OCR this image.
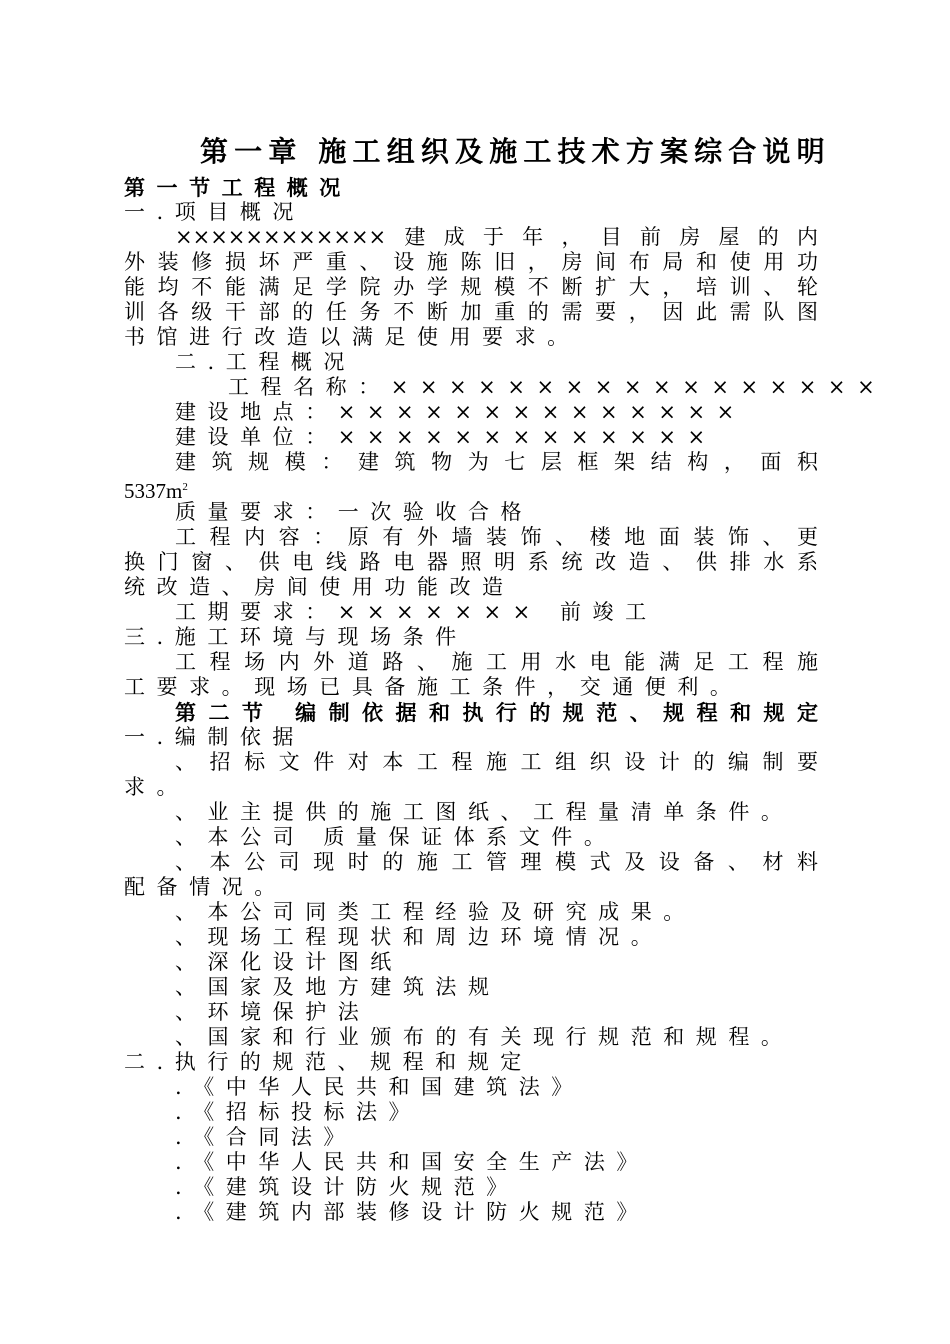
第一章 施工组织及施工技术方案综合说明
第一节工程概况
一.项目概况
××××××××××××建成于年，目前房屋的内
外装修损坏严重、设施陈旧，房间布局和使用功
能均不能满足学院办学规模不断扩大，培训、轮
训各级干部的任务不断加重的需要，因此需队图
书馆进行改造以满足使用要求。
二.工程概况
工程名称：×××××××××××××××××
建设地点：××××××××××××××
建设单位：×××××××××××××
建筑规模：建筑物为七层框架结构，面积
$5337m^2$
质量要求：一次验收合格
工程内容：原有外墙装饰、楼地面装饰、更
换门窗、供电线路电器照明系统改造、供排水系
统改造、房间使用功能改造
工期要求：××××××× 前竣工
三.施工环境与现场条件
工程场内外道路、施工用水电能满足工程施
工要求。现场已具备施工条件，交通便利。
第二节 编制依据和执行的规范、规程和规定
一.编制依据
、招标文件对本工程施工组织设计的编制要
求。
、业主提供的施工图纸、工程量清单条件。
、本公司 质量保证体系文件。
、本公司现时的施工管理模式及设备、材料
配备情况。
、本公司同类工程经验及研究成果。
、现场工程现状和周边环境情况。
、深化设计图纸
、国家及地方建筑法规
、环境保护法
、国家和行业颁布的有关现行规范和规程。
二.执行的规范、规程和规定
.《中华人民共和国建筑法》
.《招标投标法》
.《合同法》
.《中华人民共和国安全生产法》
.《建筑设计防火规范》
.《建筑内部装修设计防火规范》
